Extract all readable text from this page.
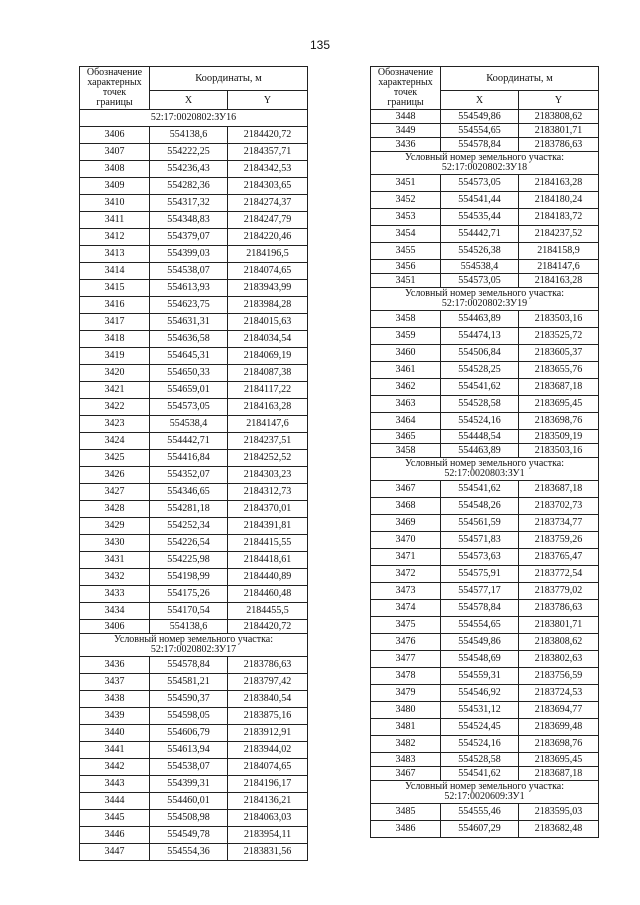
135
Обозначение
характерных
точек
границы	Координаты, м	
	X	Y
52:17:0020802:ЗУ16		
3406	554138,6	2184420,72
3407	554222,25	2184357,71
3408	554236,43	2184342,53
3409	554282,36	2184303,65
3410	554317,32	2184274,37
3411	554348,83	2184247,79
3412	554379,07	2184220,46
3413	554399,03	2184196,5
3414	554538,07	2184074,65
3415	554613,93	2183943,99
3416	554623,75	2183984,28
3417	554631,31	2184015,63
3418	554636,58	2184034,54
3419	554645,31	2184069,19
3420	554650,33	2184087,38
3421	554659,01	2184117,22
3422	554573,05	2184163,28
3423	554538,4	2184147,6
3424	554442,71	2184237,51
3425	554416,84	2184252,52
3426	554352,07	2184303,23
3427	554346,65	2184312,73
3428	554281,18	2184370,01
3429	554252,34	2184391,81
3430	554226,54	2184415,55
3431	554225,98	2184418,61
3432	554198,99	2184440,89
3433	554175,26	2184460,48
3434	554170,54	2184455,5
3406	554138,6	2184420,72

Условный номер земельного участка:
52:17:0020802:ЗУ17		

3436	554578,84	2183786,63
3437	554581,21	2183797,42
3438	554590,37	2183840,54
3439	554598,05	2183875,16
3440	554606,79	2183912,91
3441	554613,94	2183944,02
3442	554538,07	2184074,65
3443	554399,31	2184196,17
3444	554460,01	2184136,21
3445	554508,98	2184063,03
3446	554549,78	2183954,11
3447	554554,36	2183831,56
Обозначение
характерных
точек
границы	Координаты, м	
	X	Y
3448	554549,86	2183808,62
3449	554554,65	2183801,71
3436	554578,84	2183786,63

Условный номер земельного участка:
52:17:0020802:ЗУ18		

3451	554573,05	2184163,28
3452	554541,44	2184180,24
3453	554535,44	2184183,72
3454	554442,71	2184237,52
3455	554526,38	2184158,9
3456	554538,4	2184147,6
3451	554573,05	2184163,28

Условный номер земельного участка:
52:17:0020802:ЗУ19		

3458	554463,89	2183503,16
3459	554474,13	2183525,72
3460	554506,84	2183605,37
3461	554528,25	2183655,76
3462	554541,62	2183687,18
3463	554528,58	2183695,45
3464	554524,16	2183698,76
3465	554448,54	2183509,19
3458	554463,89	2183503,16

Условный номер земельного участка:
52:17:0020803:ЗУ1		

3467	554541,62	2183687,18
3468	554548,26	2183702,73
3469	554561,59	2183734,77
3470	554571,83	2183759,26
3471	554573,63	2183765,47
3472	554575,91	2183772,54
3473	554577,17	2183779,02
3474	554578,84	2183786,63
3475	554554,65	2183801,71
3476	554549,86	2183808,62
3477	554548,69	2183802,63
3478	554559,31	2183756,59
3479	554546,92	2183724,53
3480	554531,12	2183694,77
3481	554524,45	2183699,48
3482	554524,16	2183698,76
3483	554528,58	2183695,45
3467	554541,62	2183687,18

Условный номер земельного участка:
52:17:0020609:ЗУ1		

3485	554555,46	2183595,03
3486	554607,29	2183682,48
